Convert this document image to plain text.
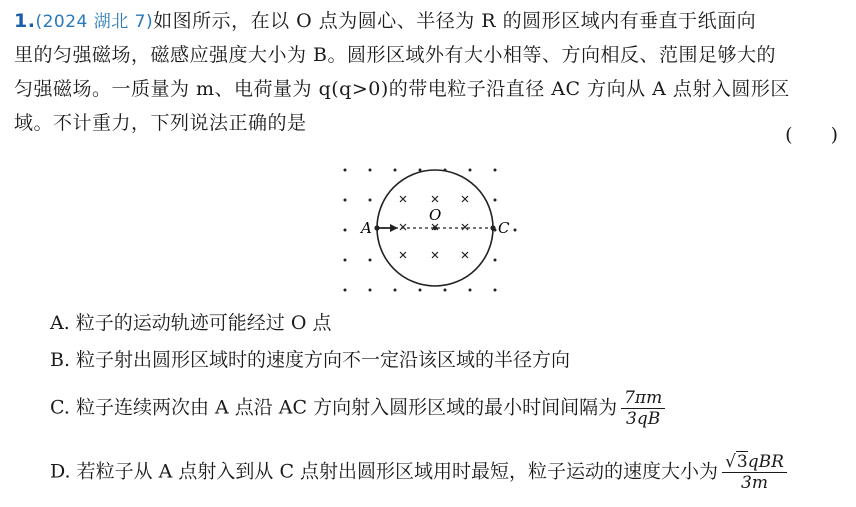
1.(2024 湖北 7)如图所示，在以 O 点为圆心、半径为 R 的圆形区域内有垂直于纸面向
里的匀强磁场，磁感应强度大小为 B。圆形区域外有大小相等、方向相反、范围足够大的
匀强磁场。一质量为 m、电荷量为 q(q>0)的带电粒子沿直径 AC 方向从 A 点射入圆形区
域。不计重力，下列说法正确的是
(　　)
A	C
O
A. 粒子的运动轨迹可能经过 O 点
B. 粒子射出圆形区域时的速度方向不一定沿该区域的半径方向
C. 粒子连续两次由 A 点沿 AC 方向射入圆形区域的最小时间间隔为 $\frac{7\pi m}{3qB}$
D. 若粒子从 A 点射入到从 C 点射出圆形区域用时最短，粒子运动的速度大小为 $\frac{\text{√3qBR}}{3m}$
